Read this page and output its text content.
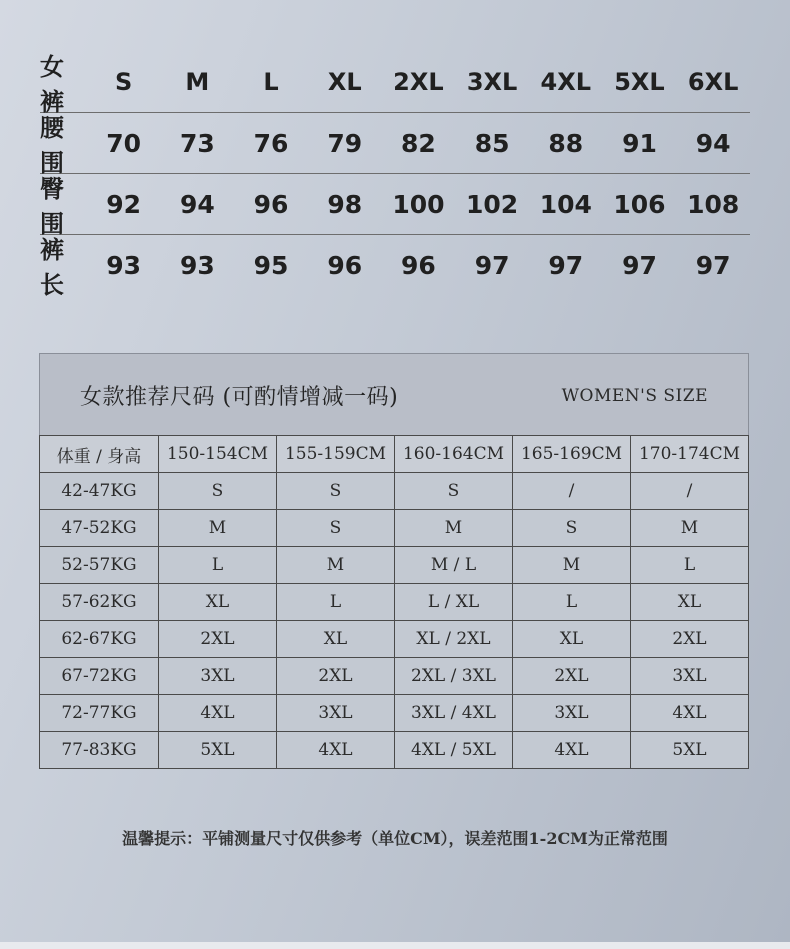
女裤
S	M	L	XL	2XL 3XL 4XL 5XL 6XL
腰围
70	73	76	79	82	85	88	91	94
臀围
92	94	96	98	100 102 104 106 108
裤长
93	93	95	96	96	97	97	97	97
女款推荐尺码 (可酌情增减一码)	WOMEN'S SIZE
体重 / 身高	150-154CM	155-159CM	160-164CM	165-169CM	170-174CM
42-47KG	S	S	S	/	/
47-52KG	M	S	M	S	M
52-57KG	L	M	M / L	M	L
57-62KG	XL	L	L / XL	L	XL
62-67KG	2XL	XL	XL / 2XL	XL	2XL
67-72KG	3XL	2XL	2XL / 3XL	2XL	3XL
72-77KG	4XL	3XL	3XL / 4XL	3XL	4XL
77-83KG	5XL	4XL	4XL / 5XL	4XL	5XL
温馨提示：平铺测量尺寸仅供参考（单位CM），误差范围1-2CM为正常范围
